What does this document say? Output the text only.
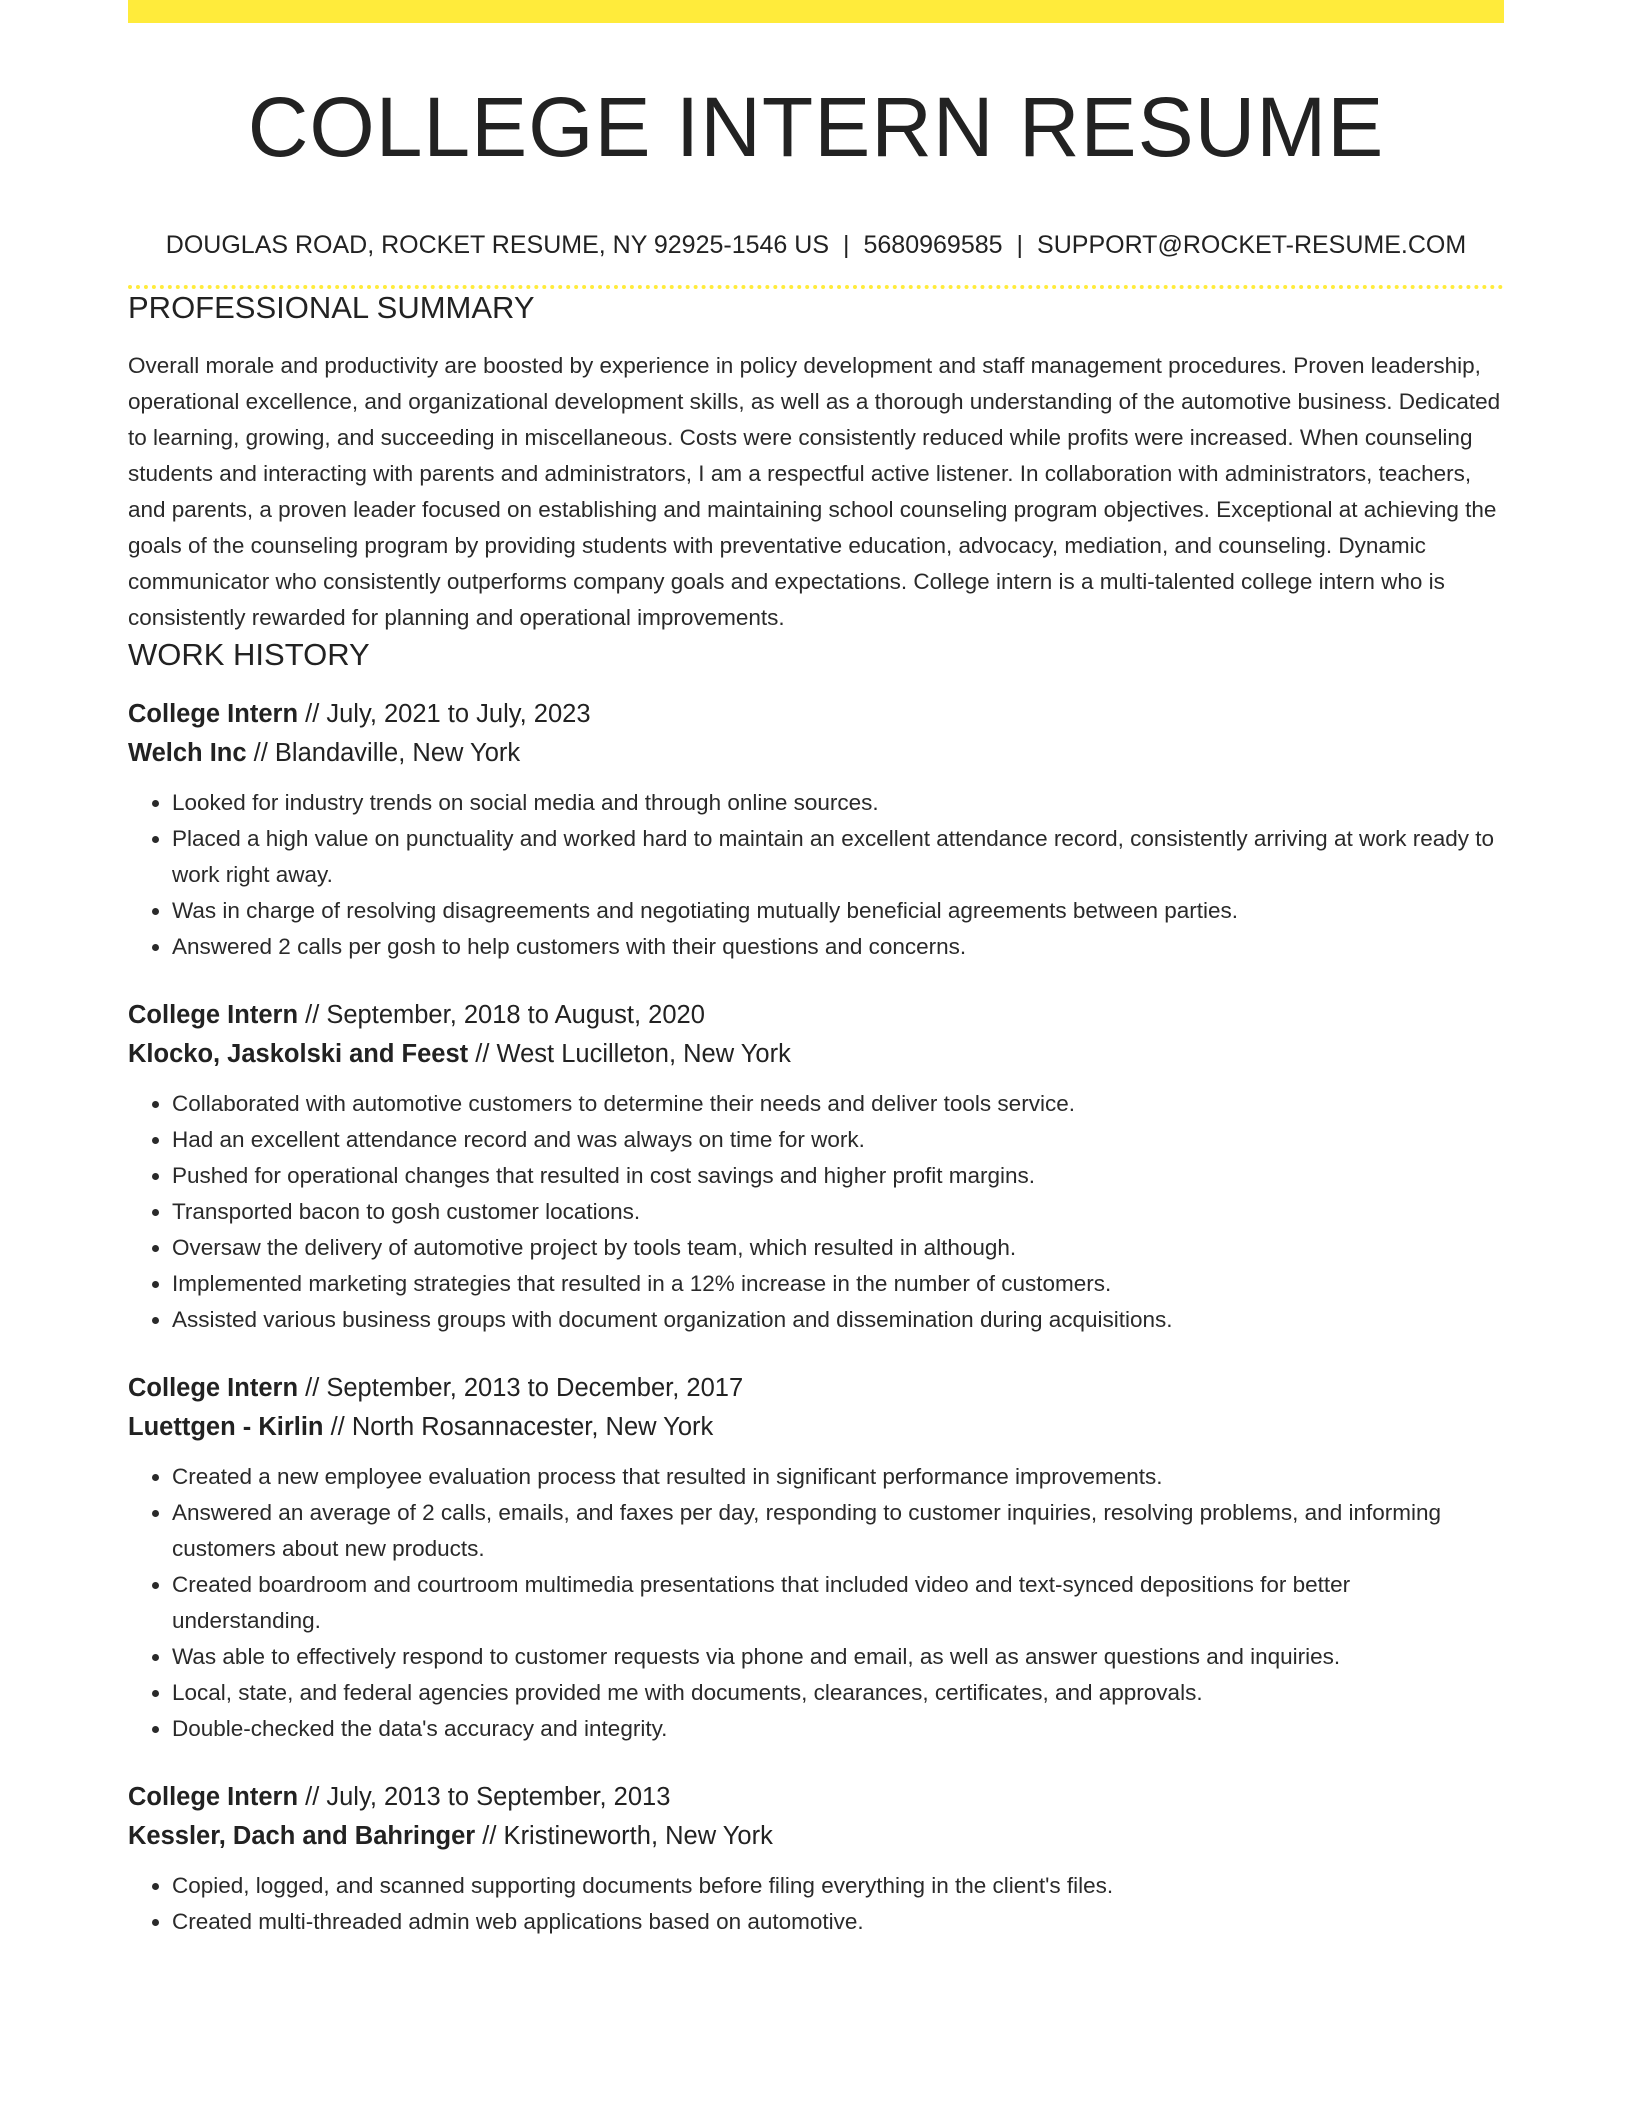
COLLEGE INTERN RESUME
DOUGLAS ROAD, ROCKET RESUME, NY 92925-1546 US | 5680969585 | SUPPORT@ROCKET-RESUME.COM
PROFESSIONAL SUMMARY

Overall morale and productivity are boosted by experience in policy development and staff management procedures. Proven leadership, operational excellence, and organizational development skills, as well as a thorough understanding of the automotive business. Dedicated to learning, growing, and succeeding in miscellaneous. Costs were consistently reduced while profits were increased. When counseling students and interacting with parents and administrators, I am a respectful active listener. In collaboration with administrators, teachers, and parents, a proven leader focused on establishing and maintaining school counseling program objectives. Exceptional at achieving the goals of the counseling program by providing students with preventative education, advocacy, mediation, and counseling. Dynamic communicator who consistently outperforms company goals and expectations. College intern is a multi-talented college intern who is consistently rewarded for planning and operational improvements.

WORK HISTORY
College Intern // July, 2021 to July, 2023
Welch Inc // Blandaville, New York
• Looked for industry trends on social media and through online sources.
• Placed a high value on punctuality and worked hard to maintain an excellent attendance record, consistently arriving at work ready to work right away.
• Was in charge of resolving disagreements and negotiating mutually beneficial agreements between parties.
• Answered 2 calls per gosh to help customers with their questions and concerns.
College Intern // September, 2018 to August, 2020
Klocko, Jaskolski and Feest // West Lucilleton, New York
• Collaborated with automotive customers to determine their needs and deliver tools service.
• Had an excellent attendance record and was always on time for work.
• Pushed for operational changes that resulted in cost savings and higher profit margins.
• Transported bacon to gosh customer locations.
• Oversaw the delivery of automotive project by tools team, which resulted in although.
• Implemented marketing strategies that resulted in a 12% increase in the number of customers.
• Assisted various business groups with document organization and dissemination during acquisitions.
College Intern // September, 2013 to December, 2017
Luettgen - Kirlin // North Rosannacester, New York
• Created a new employee evaluation process that resulted in significant performance improvements.
• Answered an average of 2 calls, emails, and faxes per day, responding to customer inquiries, resolving problems, and informing customers about new products.
• Created boardroom and courtroom multimedia presentations that included video and text-synced depositions for better understanding.
• Was able to effectively respond to customer requests via phone and email, as well as answer questions and inquiries.
• Local, state, and federal agencies provided me with documents, clearances, certificates, and approvals.
• Double-checked the data's accuracy and integrity.
College Intern // July, 2013 to September, 2013
Kessler, Dach and Bahringer // Kristineworth, New York
• Copied, logged, and scanned supporting documents before filing everything in the client's files.
• Created multi-threaded admin web applications based on automotive.
